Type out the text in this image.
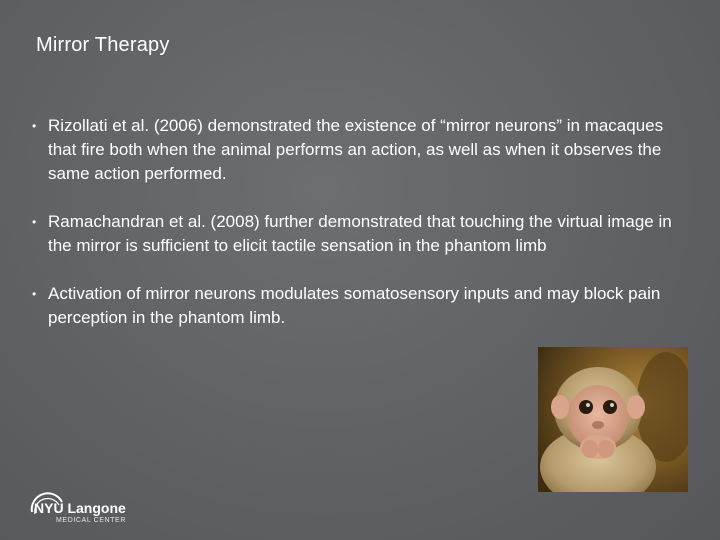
Mirror Therapy
• Rizollati et al. (2006) demonstrated the existence of “mirror neurons” in macaques that fire both when the animal performs an action, as well as when it observes the same action performed.
• Ramachandran et al. (2008) further demonstrated that touching the virtual image in the mirror is sufficient to elicit tactile sensation in the phantom limb
• Activation of mirror neurons modulates somatosensory inputs and may block pain perception in the phantom limb.
NYU Langone
MEDICAL CENTER
